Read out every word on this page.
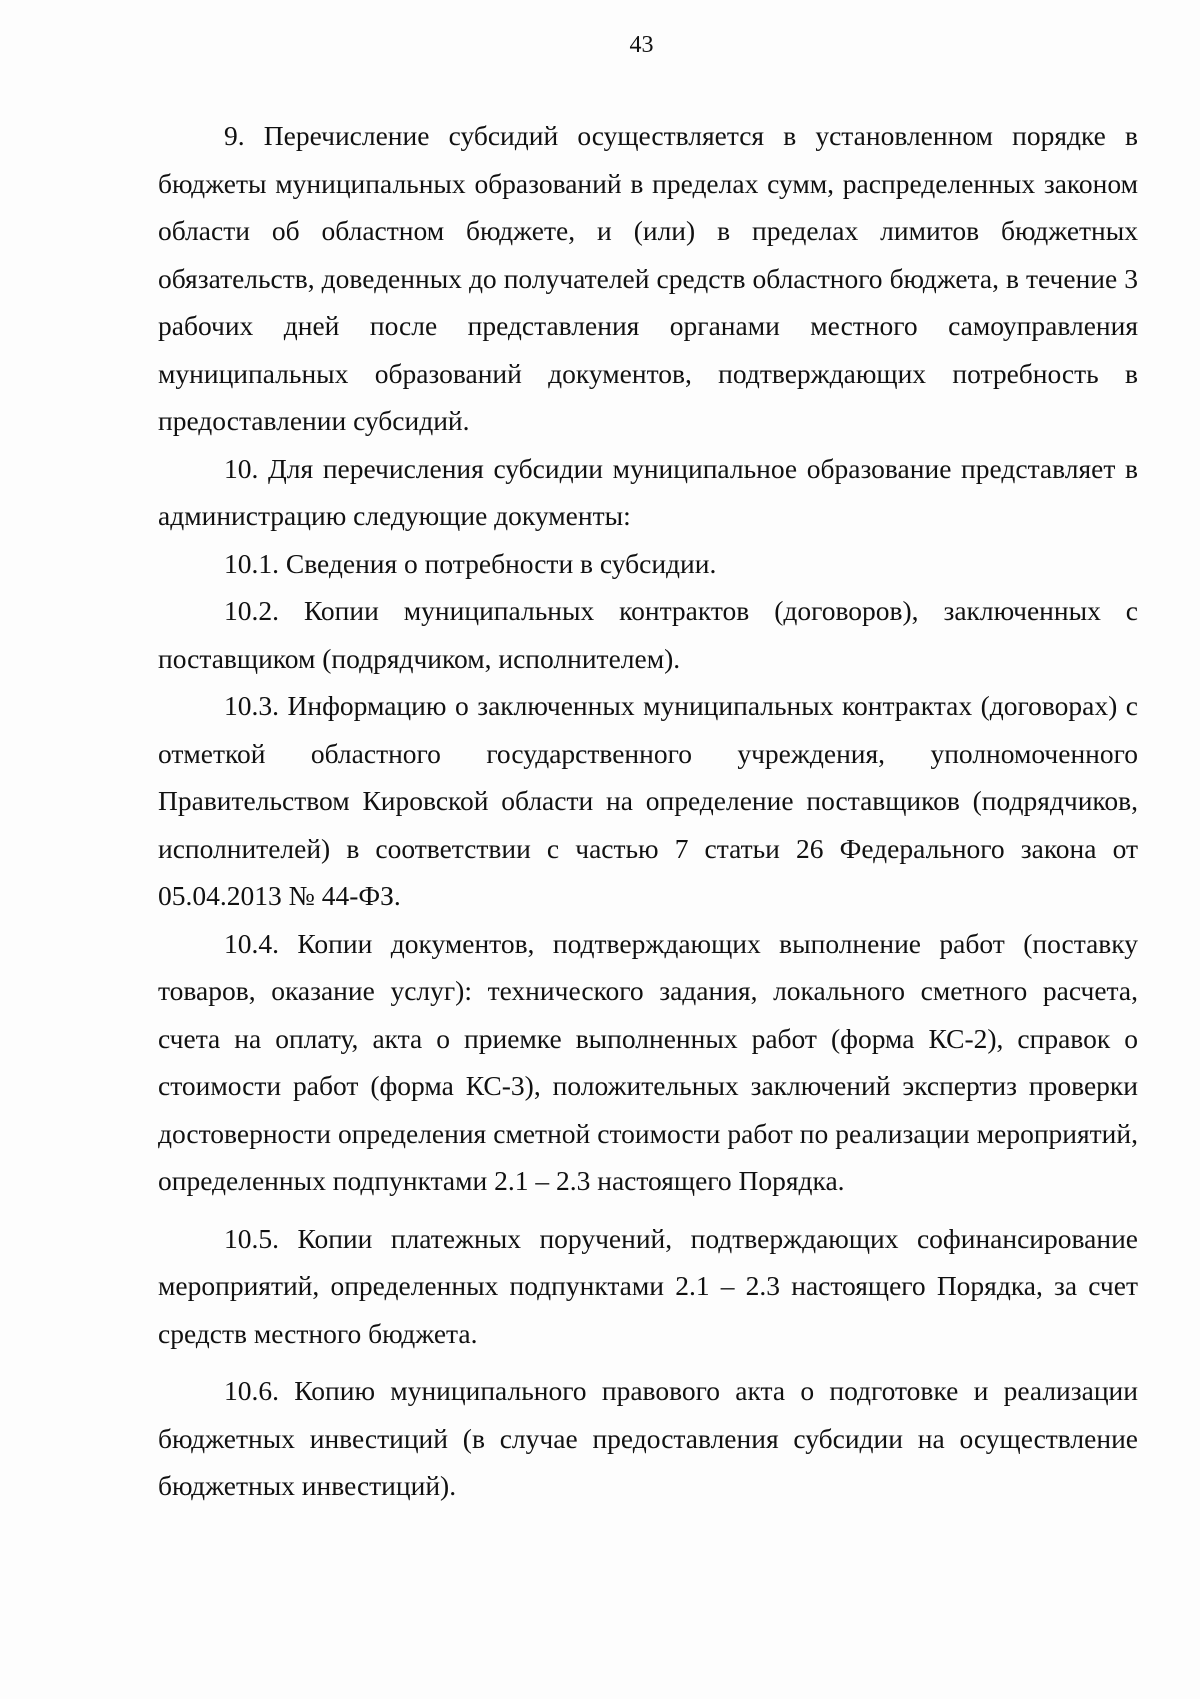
43

9. Перечисление субсидий осуществляется в установленном порядке в бюджеты муниципальных образований в пределах сумм, распределенных законом области об областном бюджете, и (или) в пределах лимитов бюджетных обязательств, доведенных до получателей средств областного бюджета, в течение 3 рабочих дней после представления органами местного самоуправления муниципальных образований документов, подтверждающих потребность в предоставлении субсидий.

10. Для перечисления субсидии муниципальное образование представляет в администрацию следующие документы:

10.1. Сведения о потребности в субсидии.

10.2. Копии муниципальных контрактов (договоров), заключенных с поставщиком (подрядчиком, исполнителем).

10.3. Информацию о заключенных муниципальных контрактах (договорах) с отметкой областного государственного учреждения, уполномоченного Правительством Кировской области на определение поставщиков (подрядчиков, исполнителей) в соответствии с частью 7 статьи 26 Федерального закона от 05.04.2013 № 44-ФЗ.

10.4. Копии документов, подтверждающих выполнение работ (поставку товаров, оказание услуг): технического задания, локального сметного расчета, счета на оплату, акта о приемке выполненных работ (форма КС-2), справок о стоимости работ (форма КС-3), положительных заключений экспертиз проверки достоверности определения сметной стоимости работ по реализации мероприятий, определенных подпунктами 2.1 – 2.3 настоящего Порядка.

10.5. Копии платежных поручений, подтверждающих софинансирование мероприятий, определенных подпунктами 2.1 – 2.3 настоящего Порядка, за счет средств местного бюджета.

10.6. Копию муниципального правового акта о подготовке и реализации бюджетных инвестиций (в случае предоставления субсидии на осуществление бюджетных инвестиций).
